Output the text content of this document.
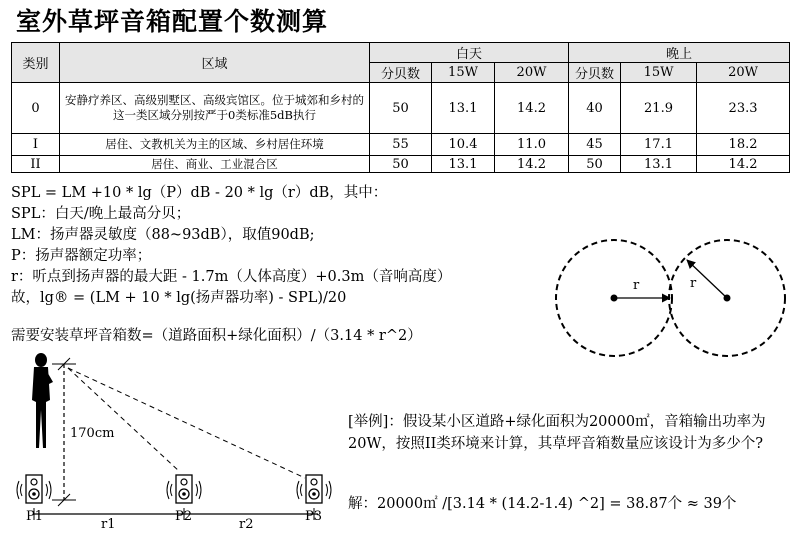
室外草坪音箱配置个数测算
类别	区域	白天			晚上		
		分贝数	15W	20W	分贝数	15W	20W
0	安静疗养区、高级别墅区、高级宾馆区。位于城郊和乡村的这一类区域分别按严于0类标准5dB执行	50	13.1	14.2	40	21.9	23.3
I	居住、文教机关为主的区域、乡村居住环境	55	10.4	11.0	45	17.1	18.2
II	居住、商业、工业混合区	50	13.1	14.2	50	13.1	14.2
SPL = LM +10 * lg（P）dB - 20 * lg（r）dB，其中：
SPL：白天/晚上最高分贝；
LM：扬声器灵敏度（88~93dB），取值90dB;
P：扬声器额定功率；
r：听点到扬声器的最大距 - 1.7m（人体高度）+0.3m（音响高度）
故，lg® = (LM + 10 * lg(扬声器功率) - SPL)/20
需要安装草坪音箱数=（道路面积+绿化面积）/（3.14 * r^2）
r	r
170cm
P1	P2	P3
r1	r2
[举例]：假设某小区道路+绿化面积为20000㎡，音箱输出功率为20W，按照II类环境来计算，其草坪音箱数量应该设计为多少个?
解：20000㎡ /[3.14 * (14.2-1.4) ^2] = 38.87个 ≈ 39个
